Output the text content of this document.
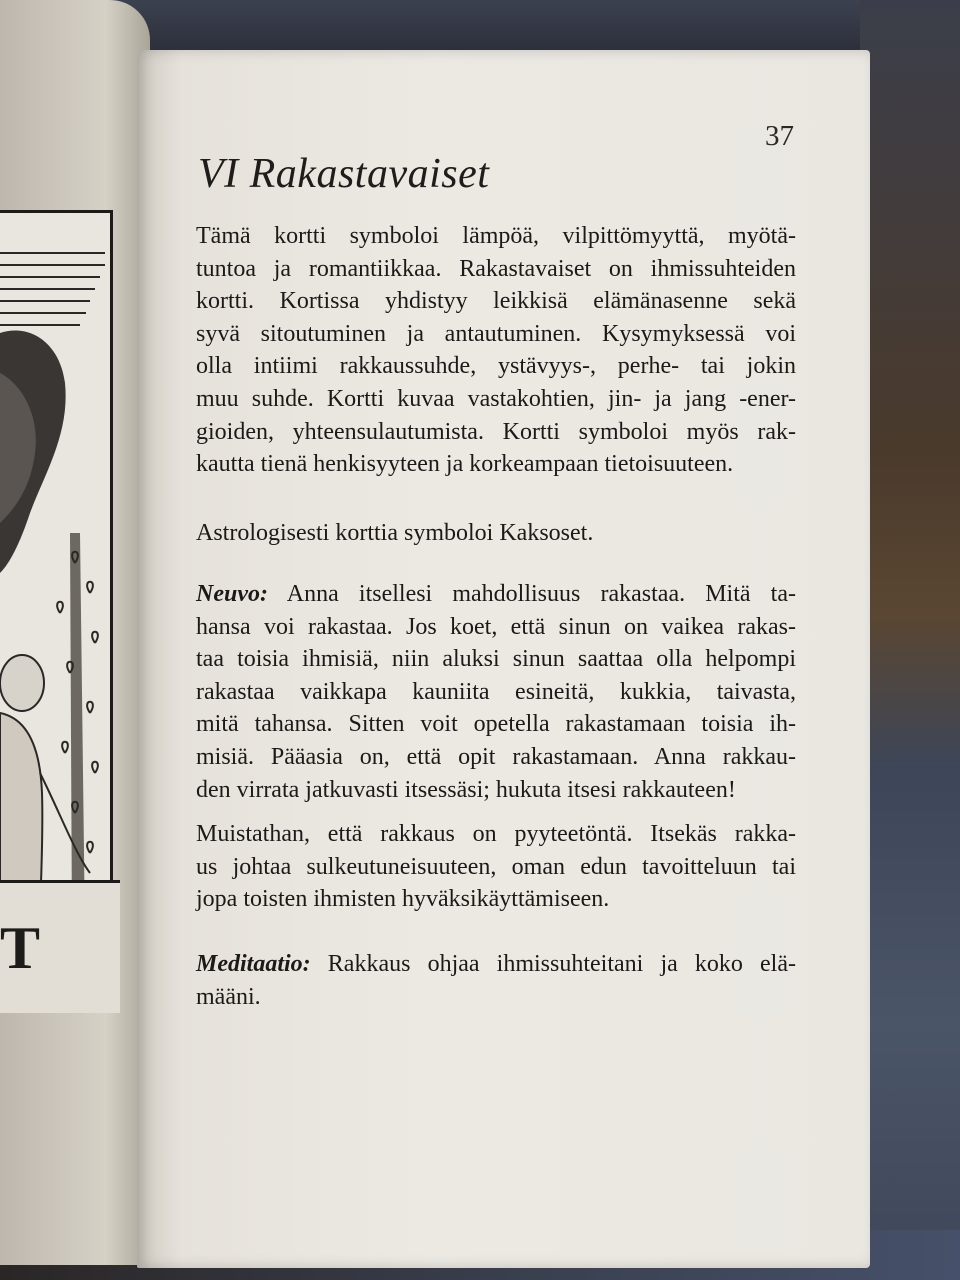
T
37
VI Rakastavaiset
Tämä kortti symboloi lämpöä, vilpittömyyttä, myötä-
tuntoa ja romantiikkaa. Rakastavaiset on ihmissuhteiden
kortti. Kortissa yhdistyy leikkisä elämänasenne sekä
syvä sitoutuminen ja antautuminen. Kysymyksessä voi
olla intiimi rakkaussuhde, ystävyys-, perhe- tai jokin
muu suhde. Kortti kuvaa vastakohtien, jin- ja jang -ener-
gioiden, yhteensulautumista. Kortti symboloi myös rak-
kautta tienä henkisyyteen ja korkeampaan tietoisuuteen.
Astrologisesti korttia symboloi Kaksoset.
Neuvo: Anna itsellesi mahdollisuus rakastaa. Mitä ta-
hansa voi rakastaa. Jos koet, että sinun on vaikea rakas-
taa toisia ihmisiä, niin aluksi sinun saattaa olla helpompi
rakastaa vaikkapa kauniita esineitä, kukkia, taivasta,
mitä tahansa. Sitten voit opetella rakastamaan toisia ih-
misiä. Pääasia on, että opit rakastamaan. Anna rakkau-
den virrata jatkuvasti itsessäsi; hukuta itsesi rakkauteen!
Muistathan, että rakkaus on pyyteetöntä. Itsekäs rakka-
us johtaa sulkeutuneisuuteen, oman edun tavoitteluun tai
jopa toisten ihmisten hyväksikäyttämiseen.
Meditaatio: Rakkaus ohjaa ihmissuhteitani ja koko elä-
määni.
